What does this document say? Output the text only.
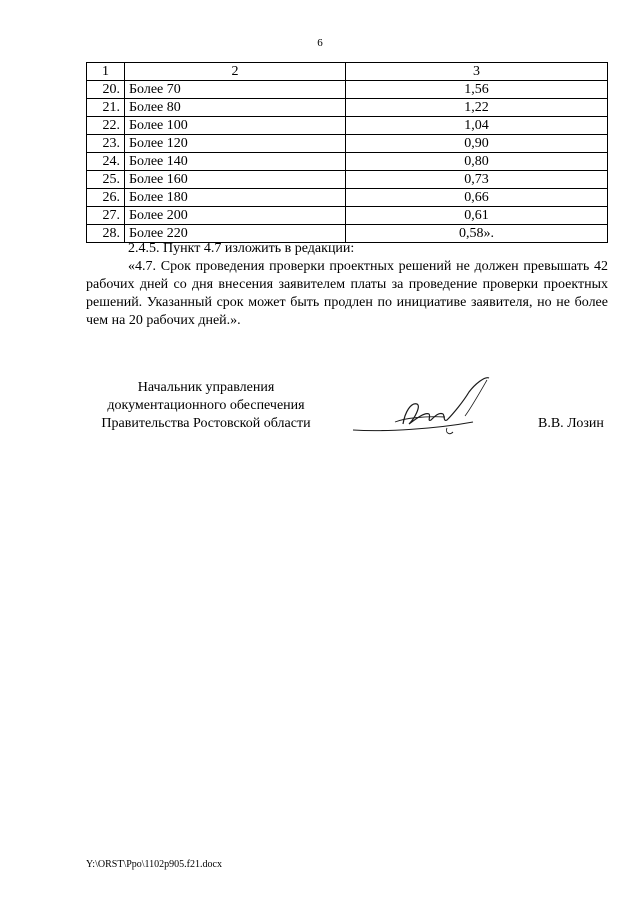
6
1	2	3
20.	Более 70	1,56
21.	Более 80	1,22
22.	Более 100	1,04
23.	Более 120	0,90
24.	Более 140	0,80
25.	Более 160	0,73
26.	Более 180	0,66
27.	Более 200	0,61
28.	Более 220	0,58».

2.4.5. Пункт 4.7 изложить в редакции:

«4.7. Срок проведения проверки проектных решений не должен превышать 42 рабочих дней со дня внесения заявителем платы за проведение проверки проектных решений. Указанный срок может быть продлен по инициативе заявителя, но не более чем на 20 рабочих дней.».

Начальник управления
документационного обеспечения
Правительства Ростовской области	В.В. Лозин
Y:\ORST\Ppo\1102p905.f21.docx
